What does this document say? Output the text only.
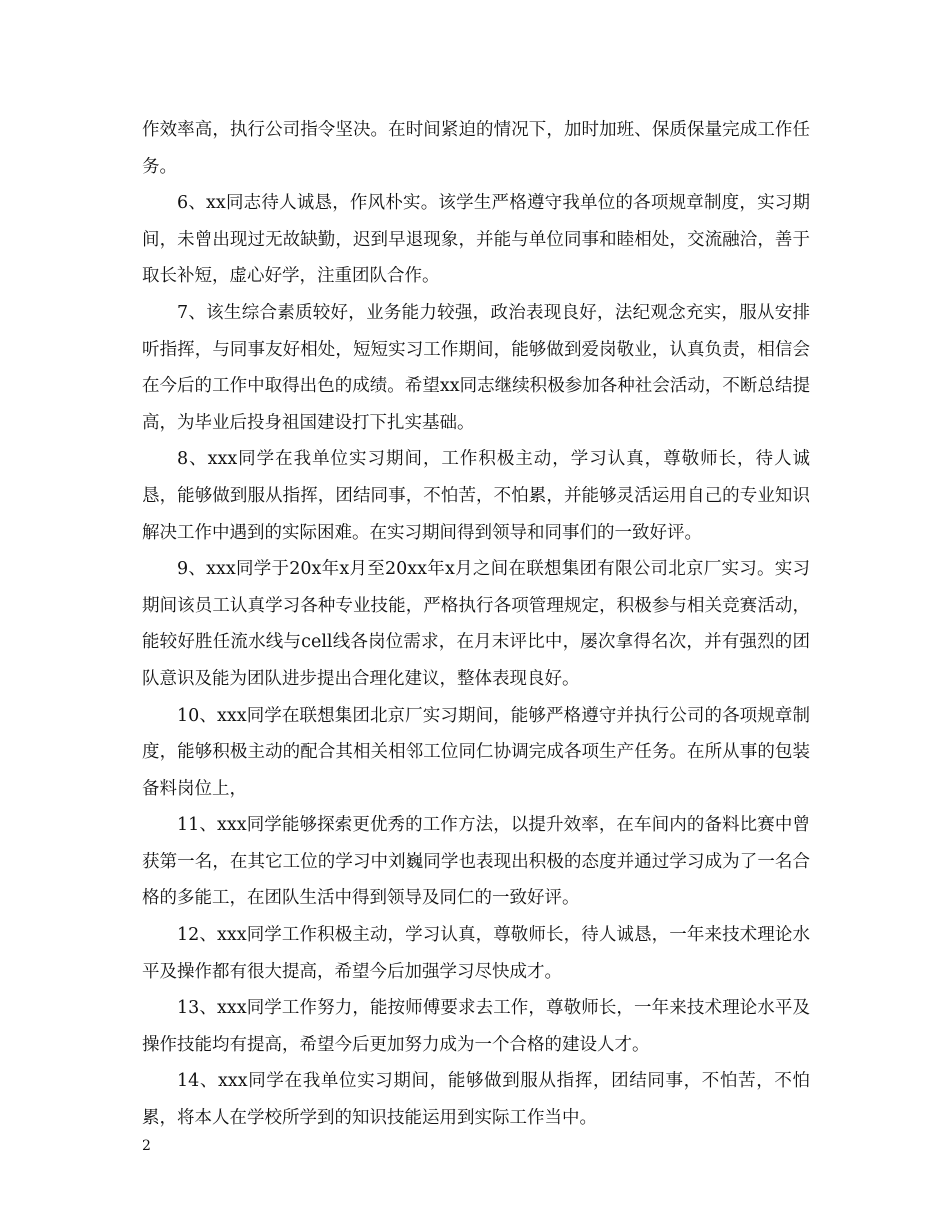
作效率高，执行公司指令坚决。在时间紧迫的情况下，加时加班、保质保量完成工作任务。

6、xx同志待人诚恳，作风朴实。该学生严格遵守我单位的各项规章制度，实习期间，未曾出现过无故缺勤，迟到早退现象，并能与单位同事和睦相处，交流融洽，善于取长补短，虚心好学，注重团队合作。

7、该生综合素质较好，业务能力较强，政治表现良好，法纪观念充实，服从安排听指挥，与同事友好相处，短短实习工作期间，能够做到爱岗敬业，认真负责，相信会在今后的工作中取得出色的成绩。希望xx同志继续积极参加各种社会活动，不断总结提高，为毕业后投身祖国建设打下扎实基础。

8、xxx同学在我单位实习期间，工作积极主动，学习认真，尊敬师长，待人诚恳，能够做到服从指挥，团结同事，不怕苦，不怕累，并能够灵活运用自己的专业知识解决工作中遇到的实际困难。在实习期间得到领导和同事们的一致好评。

9、xxx同学于20x年x月至20xx年x月之间在联想集团有限公司北京厂实习。实习期间该员工认真学习各种专业技能，严格执行各项管理规定，积极参与相关竞赛活动，能较好胜任流水线与cell线各岗位需求，在月末评比中，屡次拿得名次，并有强烈的团队意识及能为团队进步提出合理化建议，整体表现良好。

10、xxx同学在联想集团北京厂实习期间，能够严格遵守并执行公司的各项规章制度，能够积极主动的配合其相关相邻工位同仁协调完成各项生产任务。在所从事的包装备料岗位上，

11、xxx同学能够探索更优秀的工作方法，以提升效率，在车间内的备料比赛中曾获第一名，在其它工位的学习中刘巍同学也表现出积极的态度并通过学习成为了一名合格的多能工，在团队生活中得到领导及同仁的一致好评。

12、xxx同学工作积极主动，学习认真，尊敬师长，待人诚恳，一年来技术理论水平及操作都有很大提高，希望今后加强学习尽快成才。

13、xxx同学工作努力，能按师傅要求去工作，尊敬师长，一年来技术理论水平及操作技能均有提高，希望今后更加努力成为一个合格的建设人才。

14、xxx同学在我单位实习期间，能够做到服从指挥，团结同事，不怕苦，不怕累，将本人在学校所学到的知识技能运用到实际工作当中。

2
